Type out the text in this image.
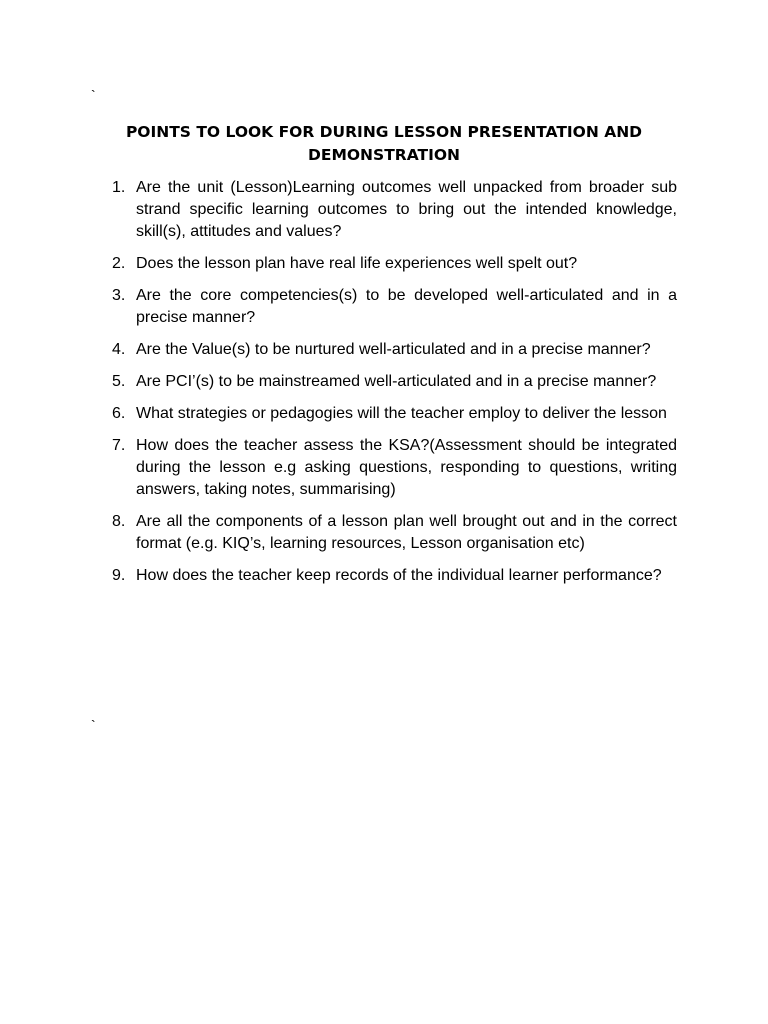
`
POINTS TO LOOK FOR DURING LESSON PRESENTATION AND DEMONSTRATION
1. Are the unit (Lesson)Learning outcomes well unpacked from broader sub strand specific learning outcomes to bring out the intended knowledge, skill(s), attitudes and values?
2. Does the lesson plan have real life experiences well spelt out?
3. Are the core competencies(s) to be developed well-articulated and in a precise manner?
4. Are the Value(s) to be nurtured well-articulated and in a precise manner?
5. Are PCI’(s) to be mainstreamed well-articulated and in a precise manner?
6. What strategies or pedagogies will the teacher employ to deliver the lesson
7. How does the teacher assess the KSA?(Assessment should be integrated during the lesson e.g asking questions, responding to questions, writing answers, taking notes, summarising)
8. Are all the components of a lesson plan well brought out and in the correct format (e.g. KIQ’s, learning resources, Lesson organisation etc)
9. How does the teacher keep records of the individual learner performance?
`
